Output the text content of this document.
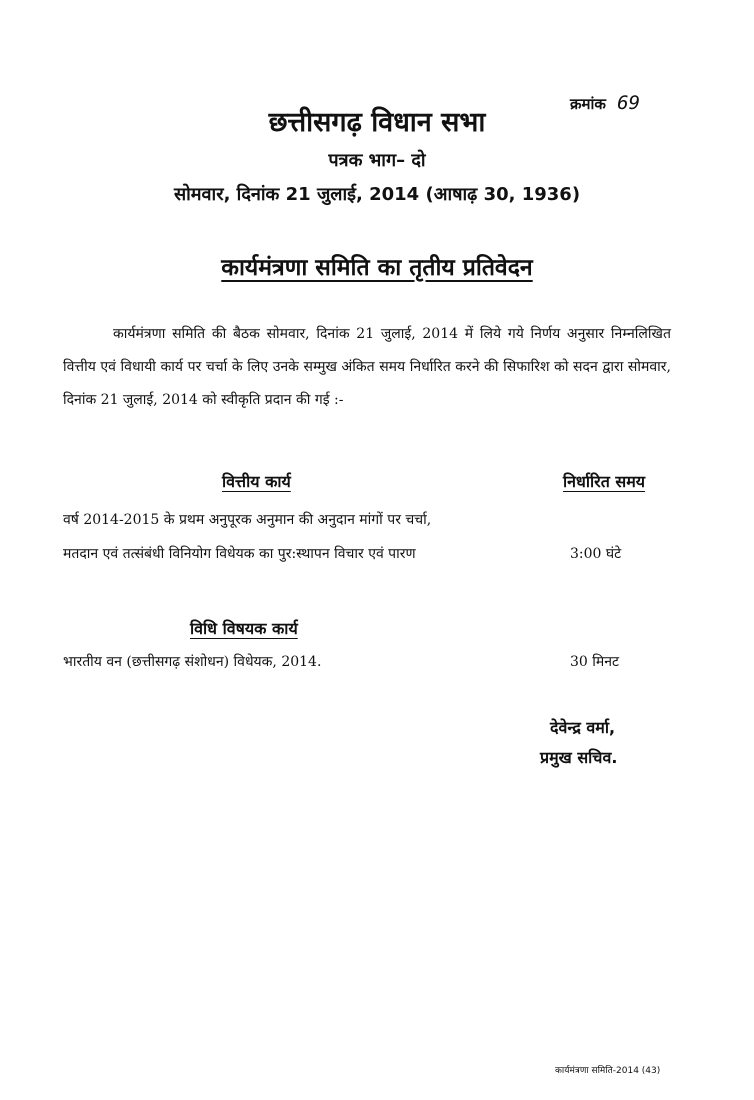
क्रमांक 69
छत्तीसगढ़ विधान सभा
पत्रक भाग– दो
सोमवार, दिनांक 21 जुलाई, 2014 (आषाढ़ 30, 1936)
कार्यमंत्रणा समिति का तृतीय प्रतिवेदन
कार्यमंत्रणा समिति की बैठक सोमवार, दिनांक 21 जुलाई, 2014 में लिये गये निर्णय अनुसार निम्नलिखित वित्तीय एवं विधायी कार्य पर चर्चा के लिए उनके सम्मुख अंकित समय निर्धारित करने की सिफारिश को सदन द्वारा सोमवार, दिनांक 21 जुलाई, 2014 को स्वीकृति प्रदान की गई :-
वित्तीय कार्य	निर्धारित समय
वर्ष 2014-2015 के प्रथम अनुपूरक अनुमान की अनुदान मांगों पर चर्चा,
मतदान एवं तत्संबंधी विनियोग विधेयक का पुर:स्थापन विचार एवं पारण	3:00 घंटे
विधि विषयक कार्य
भारतीय वन (छत्तीसगढ़ संशोधन) विधेयक, 2014.	30 मिनट
देवेन्द्र वर्मा,
प्रमुख सचिव.
कार्यमंत्रणा समिति-2014 (43)
